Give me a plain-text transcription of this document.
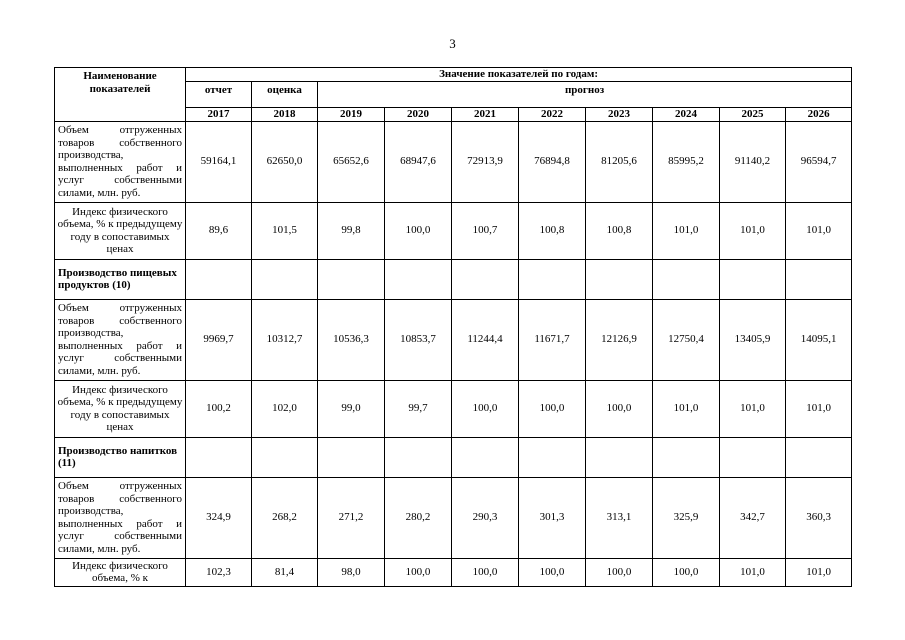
3
Наименование показателей	Значение показателей по годам:									
	отчет	оценка	прогноз							
	2017	2018	2019	2020	2021	2022	2023	2024	2025	2026
Объем отгруженных товаров собственного производства, выполненных работ и услуг собственными силами, млн. руб.	59164,1	62650,0	65652,6	68947,6	72913,9	76894,8	81205,6	85995,2	91140,2	96594,7
Индекс физического объема, % к предыдущему году в сопоставимых ценах	89,6	101,5	99,8	100,0	100,7	100,8	100,8	101,0	101,0	101,0
Производство пищевых продуктов (10)										
Объем отгруженных товаров собственного производства, выполненных работ и услуг собственными силами, млн. руб.	9969,7	10312,7	10536,3	10853,7	11244,4	11671,7	12126,9	12750,4	13405,9	14095,1
Индекс физического объема, % к предыдущему году в сопоставимых ценах	100,2	102,0	99,0	99,7	100,0	100,0	100,0	101,0	101,0	101,0
Производство напитков (11)										
Объем отгруженных товаров собственного производства, выполненных работ и услуг собственными силами, млн. руб.	324,9	268,2	271,2	280,2	290,3	301,3	313,1	325,9	342,7	360,3
Индекс физического объема, % к	102,3	81,4	98,0	100,0	100,0	100,0	100,0	100,0	101,0	101,0
